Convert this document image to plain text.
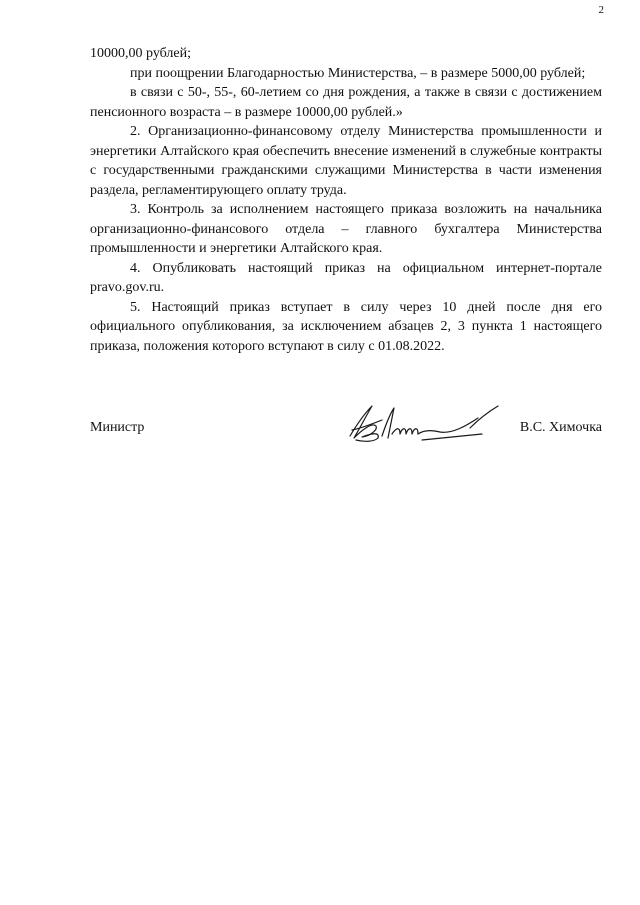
2

10000,00 рублей;

при поощрении Благодарностью Министерства, – в размере 5000,00 рублей;

в связи с 50-, 55-, 60-летием со дня рождения, а также в связи с достижением пенсионного возраста – в размере 10000,00 рублей.»

2. Организационно-финансовому отделу Министерства промышленности и энергетики Алтайского края обеспечить внесение изменений в служебные контракты с государственными гражданскими служащими Министерства в части изменения раздела, регламентирующего оплату труда.

3. Контроль за исполнением настоящего приказа возложить на начальника организационно-финансового отдела – главного бухгалтера Министерства промышленности и энергетики Алтайского края.

4. Опубликовать настоящий приказ на официальном интернет-портале pravo.gov.ru.

5. Настоящий приказ вступает в силу через 10 дней после дня его официального опубликования, за исключением абзацев 2, 3 пункта 1 настоящего приказа, положения которого вступают в силу с 01.08.2022.

Министр
Вхим
В.С. Химочка
